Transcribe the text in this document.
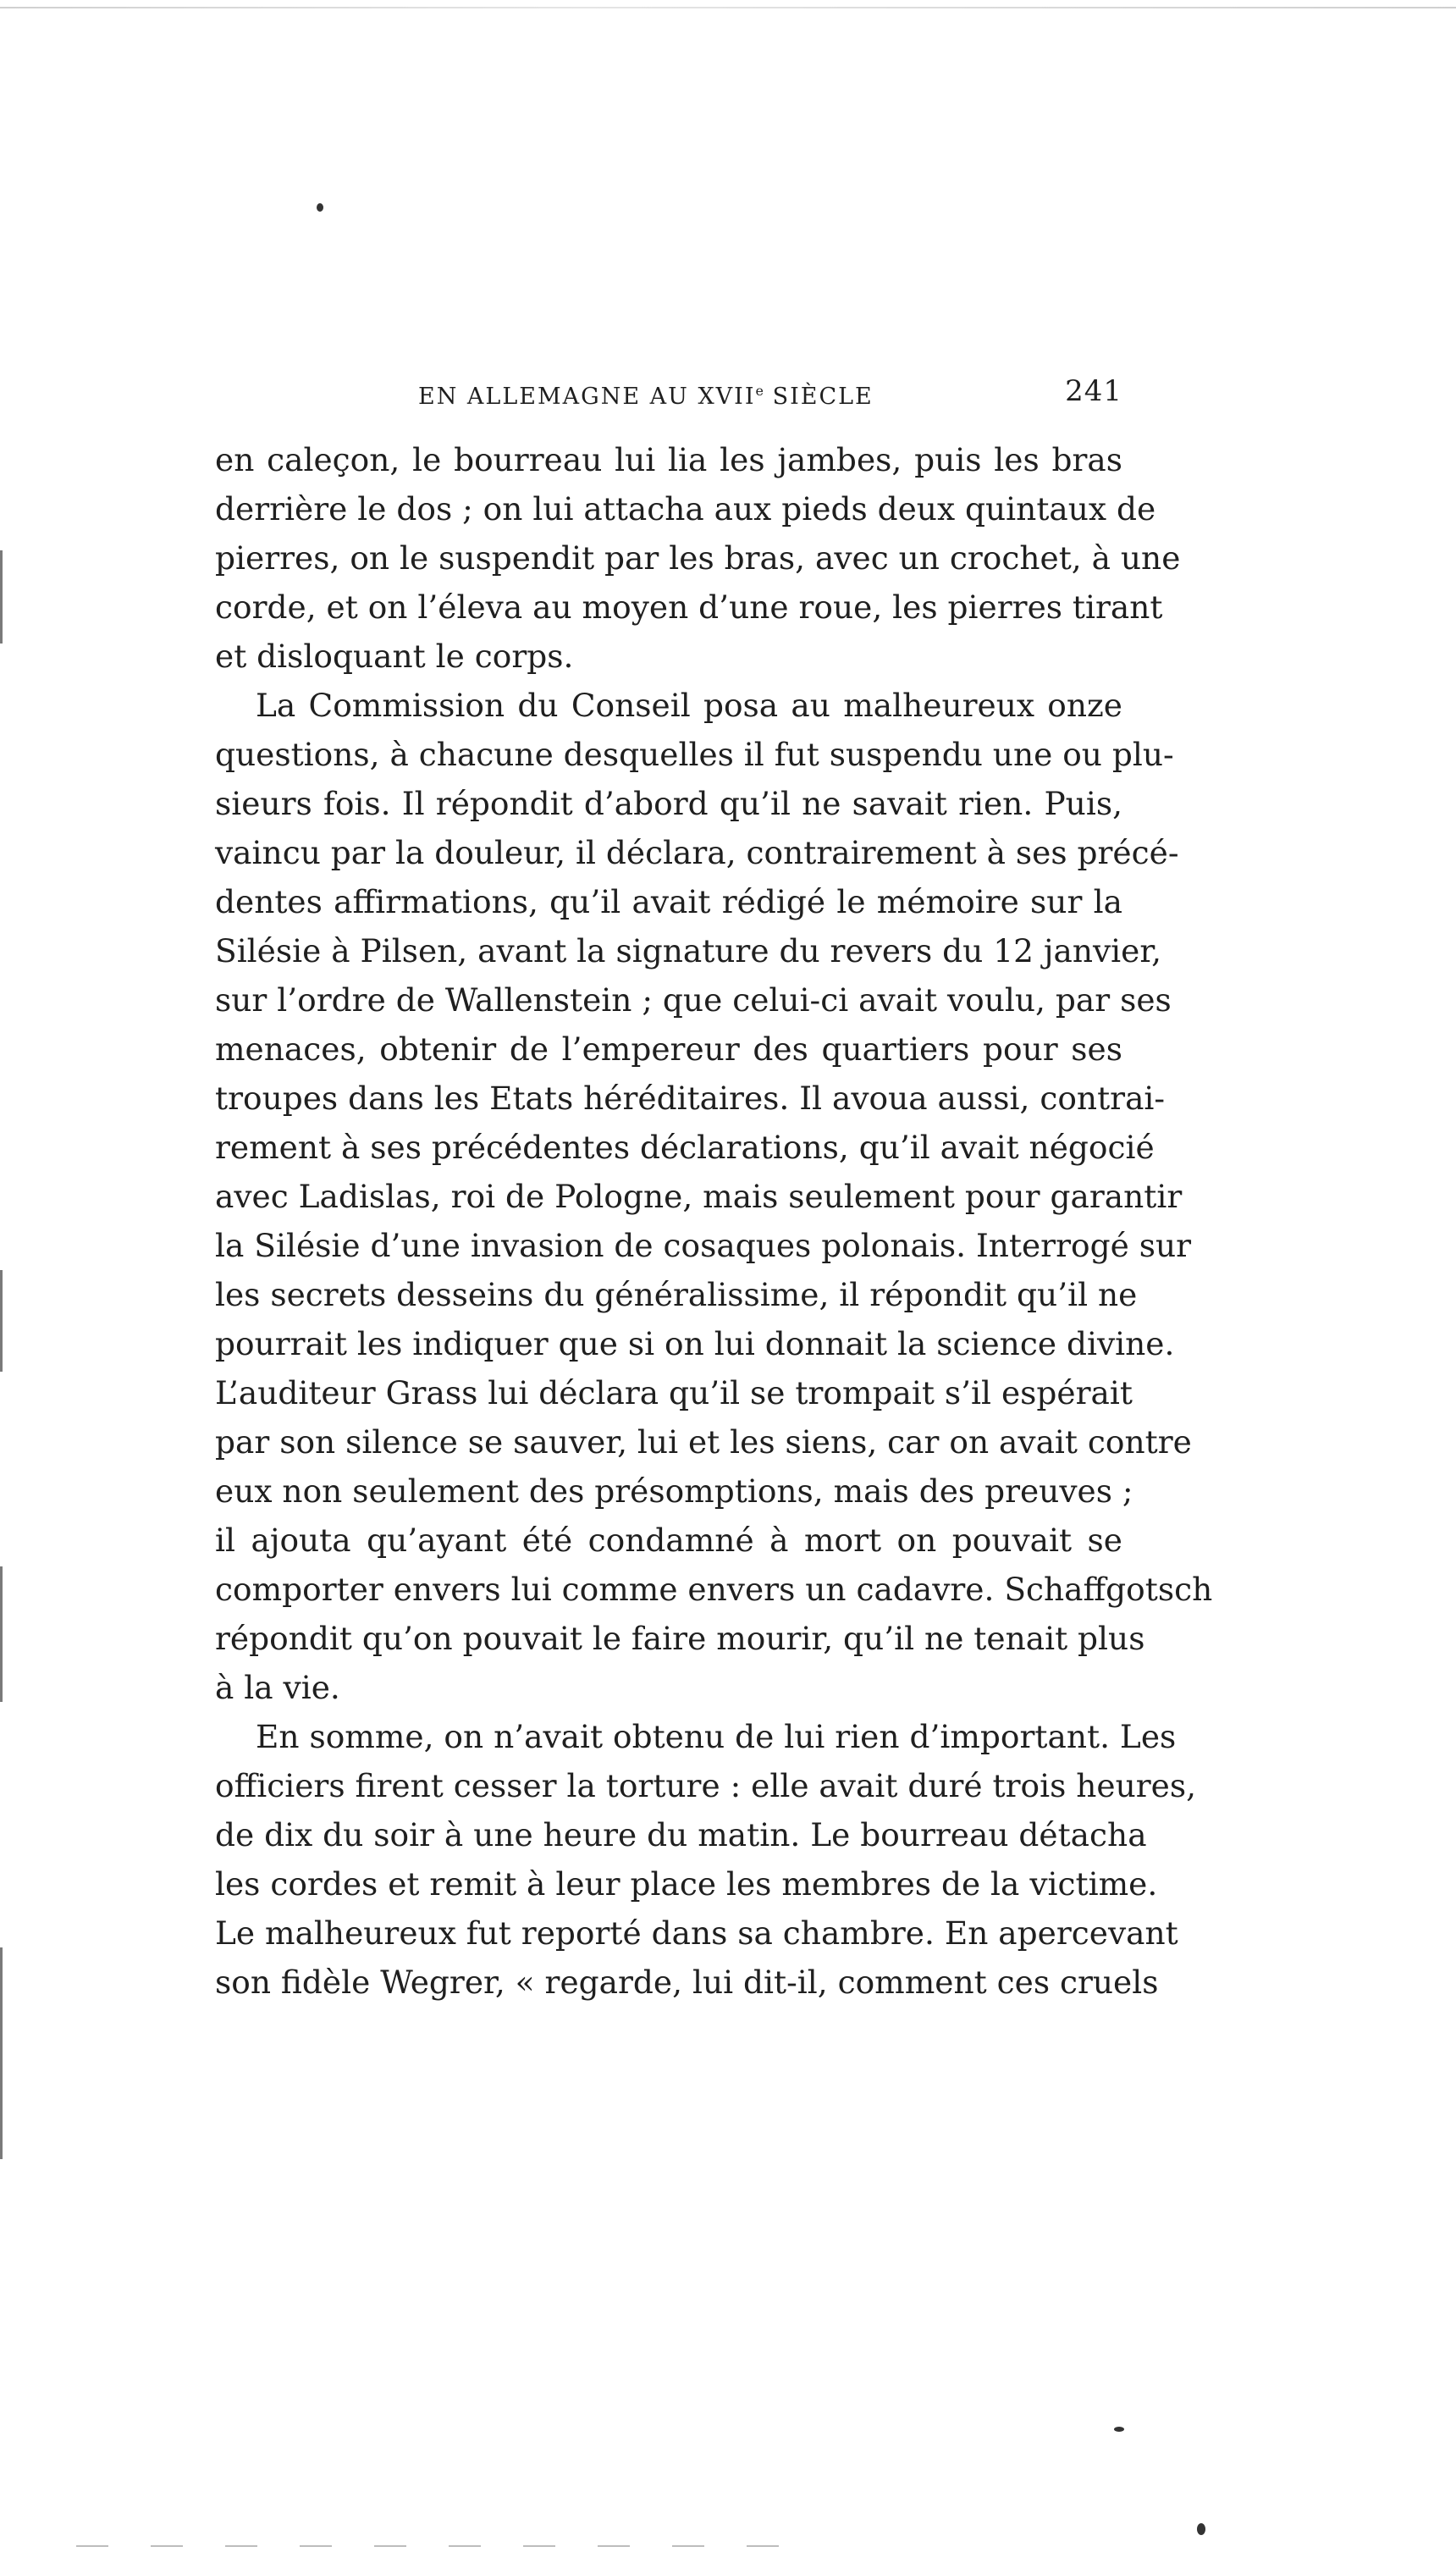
EN ALLEMAGNE AU XVIIe SIÈCLE	241
en caleçon, le bourreau lui lia les jambes, puis les bras
derrière le dos ; on lui attacha aux pieds deux quintaux de
pierres, on le suspendit par les bras, avec un crochet, à une
corde, et on l’éleva au moyen d’une roue, les pierres tirant
et disloquant le corps.
La Commission du Conseil posa au malheureux onze
questions, à chacune desquelles il fut suspendu une ou plu-
sieurs fois. Il répondit d’abord qu’il ne savait rien. Puis,
vaincu par la douleur, il déclara, contrairement à ses précé-
dentes affirmations, qu’il avait rédigé le mémoire sur la
Silésie à Pilsen, avant la signature du revers du 12 janvier,
sur l’ordre de Wallenstein ; que celui-ci avait voulu, par ses
menaces, obtenir de l’empereur des quartiers pour ses
troupes dans les Etats héréditaires. Il avoua aussi, contrai-
rement à ses précédentes déclarations, qu’il avait négocié
avec Ladislas, roi de Pologne, mais seulement pour garantir
la Silésie d’une invasion de cosaques polonais. Interrogé sur
les secrets desseins du généralissime, il répondit qu’il ne
pourrait les indiquer que si on lui donnait la science divine.
L’auditeur Grass lui déclara qu’il se trompait s’il espérait
par son silence se sauver, lui et les siens, car on avait contre
eux non seulement des présomptions, mais des preuves ;
il ajouta qu’ayant été condamné à mort on pouvait se
comporter envers lui comme envers un cadavre. Schaffgotsch
répondit qu’on pouvait le faire mourir, qu’il ne tenait plus
à la vie.
En somme, on n’avait obtenu de lui rien d’important. Les
officiers firent cesser la torture : elle avait duré trois heures,
de dix du soir à une heure du matin. Le bourreau détacha
les cordes et remit à leur place les membres de la victime.
Le malheureux fut reporté dans sa chambre. En apercevant
son fidèle Wegrer, « regarde, lui dit-il, comment ces cruels
